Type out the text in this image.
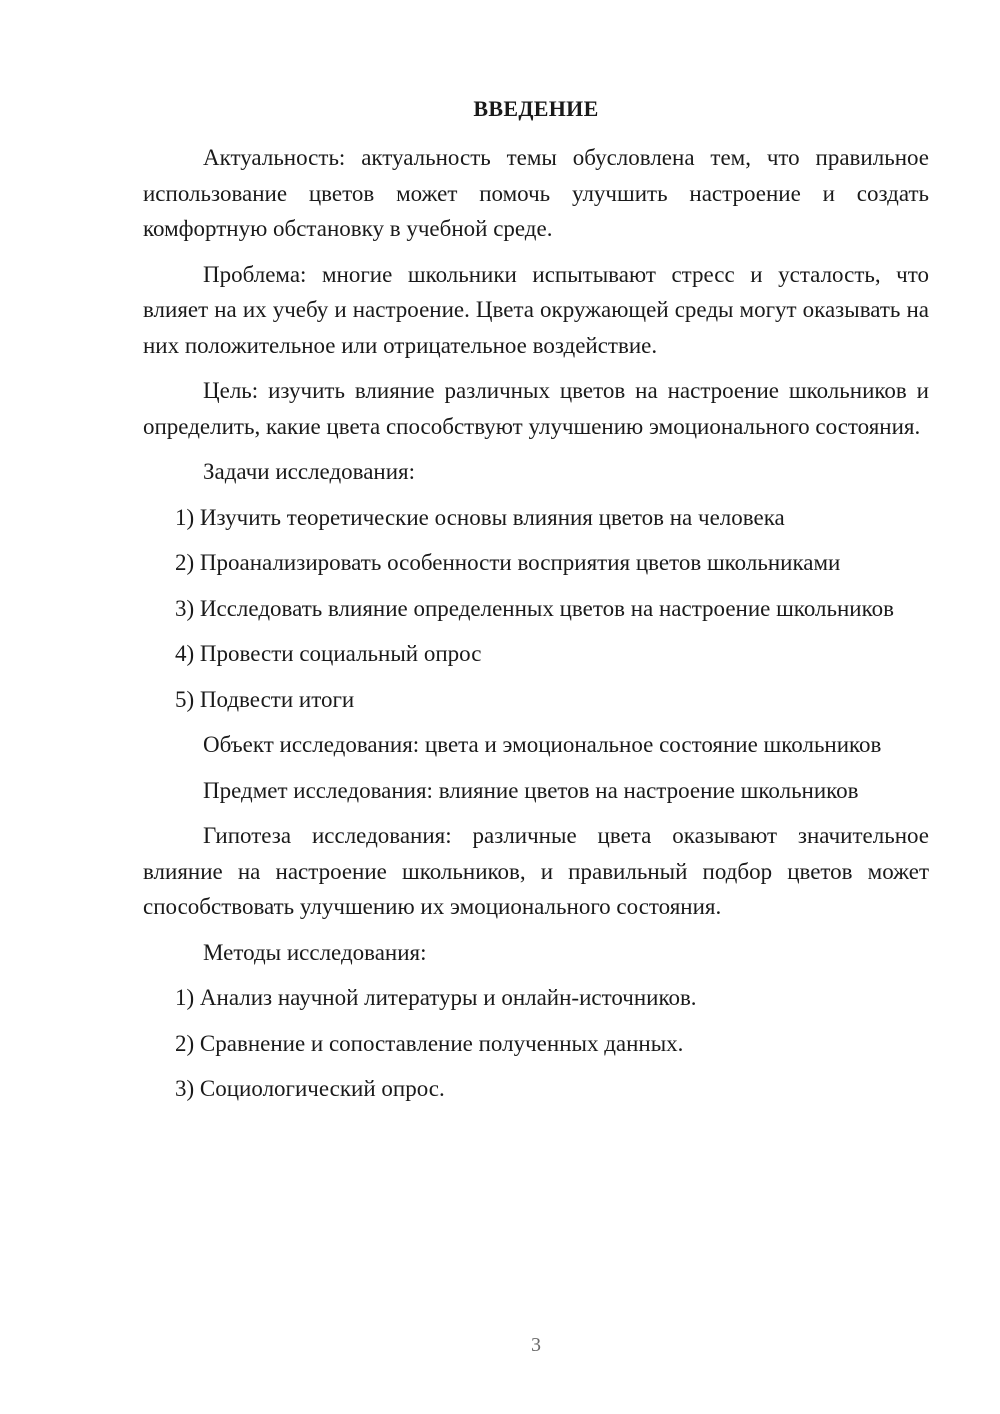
ВВЕДЕНИЕ

Актуальность: актуальность темы обусловлена тем, что правильное использование цветов может помочь улучшить настроение и создать комфортную обстановку в учебной среде.

Проблема: многие школьники испытывают стресс и усталость, что влияет на их учебу и настроение. Цвета окружающей среды могут оказывать на них положительное или отрицательное воздействие.

Цель: изучить влияние различных цветов на настроение школьников и определить, какие цвета способствуют улучшению эмоционального состояния.

Задачи исследования:

1) Изучить теоретические основы влияния цветов на человека

2) Проанализировать особенности восприятия цветов школьниками

3) Исследовать влияние определенных цветов на настроение школьников

4) Провести социальный опрос

5) Подвести итоги

Объект исследования: цвета и эмоциональное состояние школьников

Предмет исследования: влияние цветов на настроение школьников

Гипотеза исследования: различные цвета оказывают значительное влияние на настроение школьников, и правильный подбор цветов может способствовать улучшению их эмоционального состояния.

Методы исследования:

1) Анализ научной литературы и онлайн-источников.

2) Сравнение и сопоставление полученных данных.

3) Социологический опрос.

3
